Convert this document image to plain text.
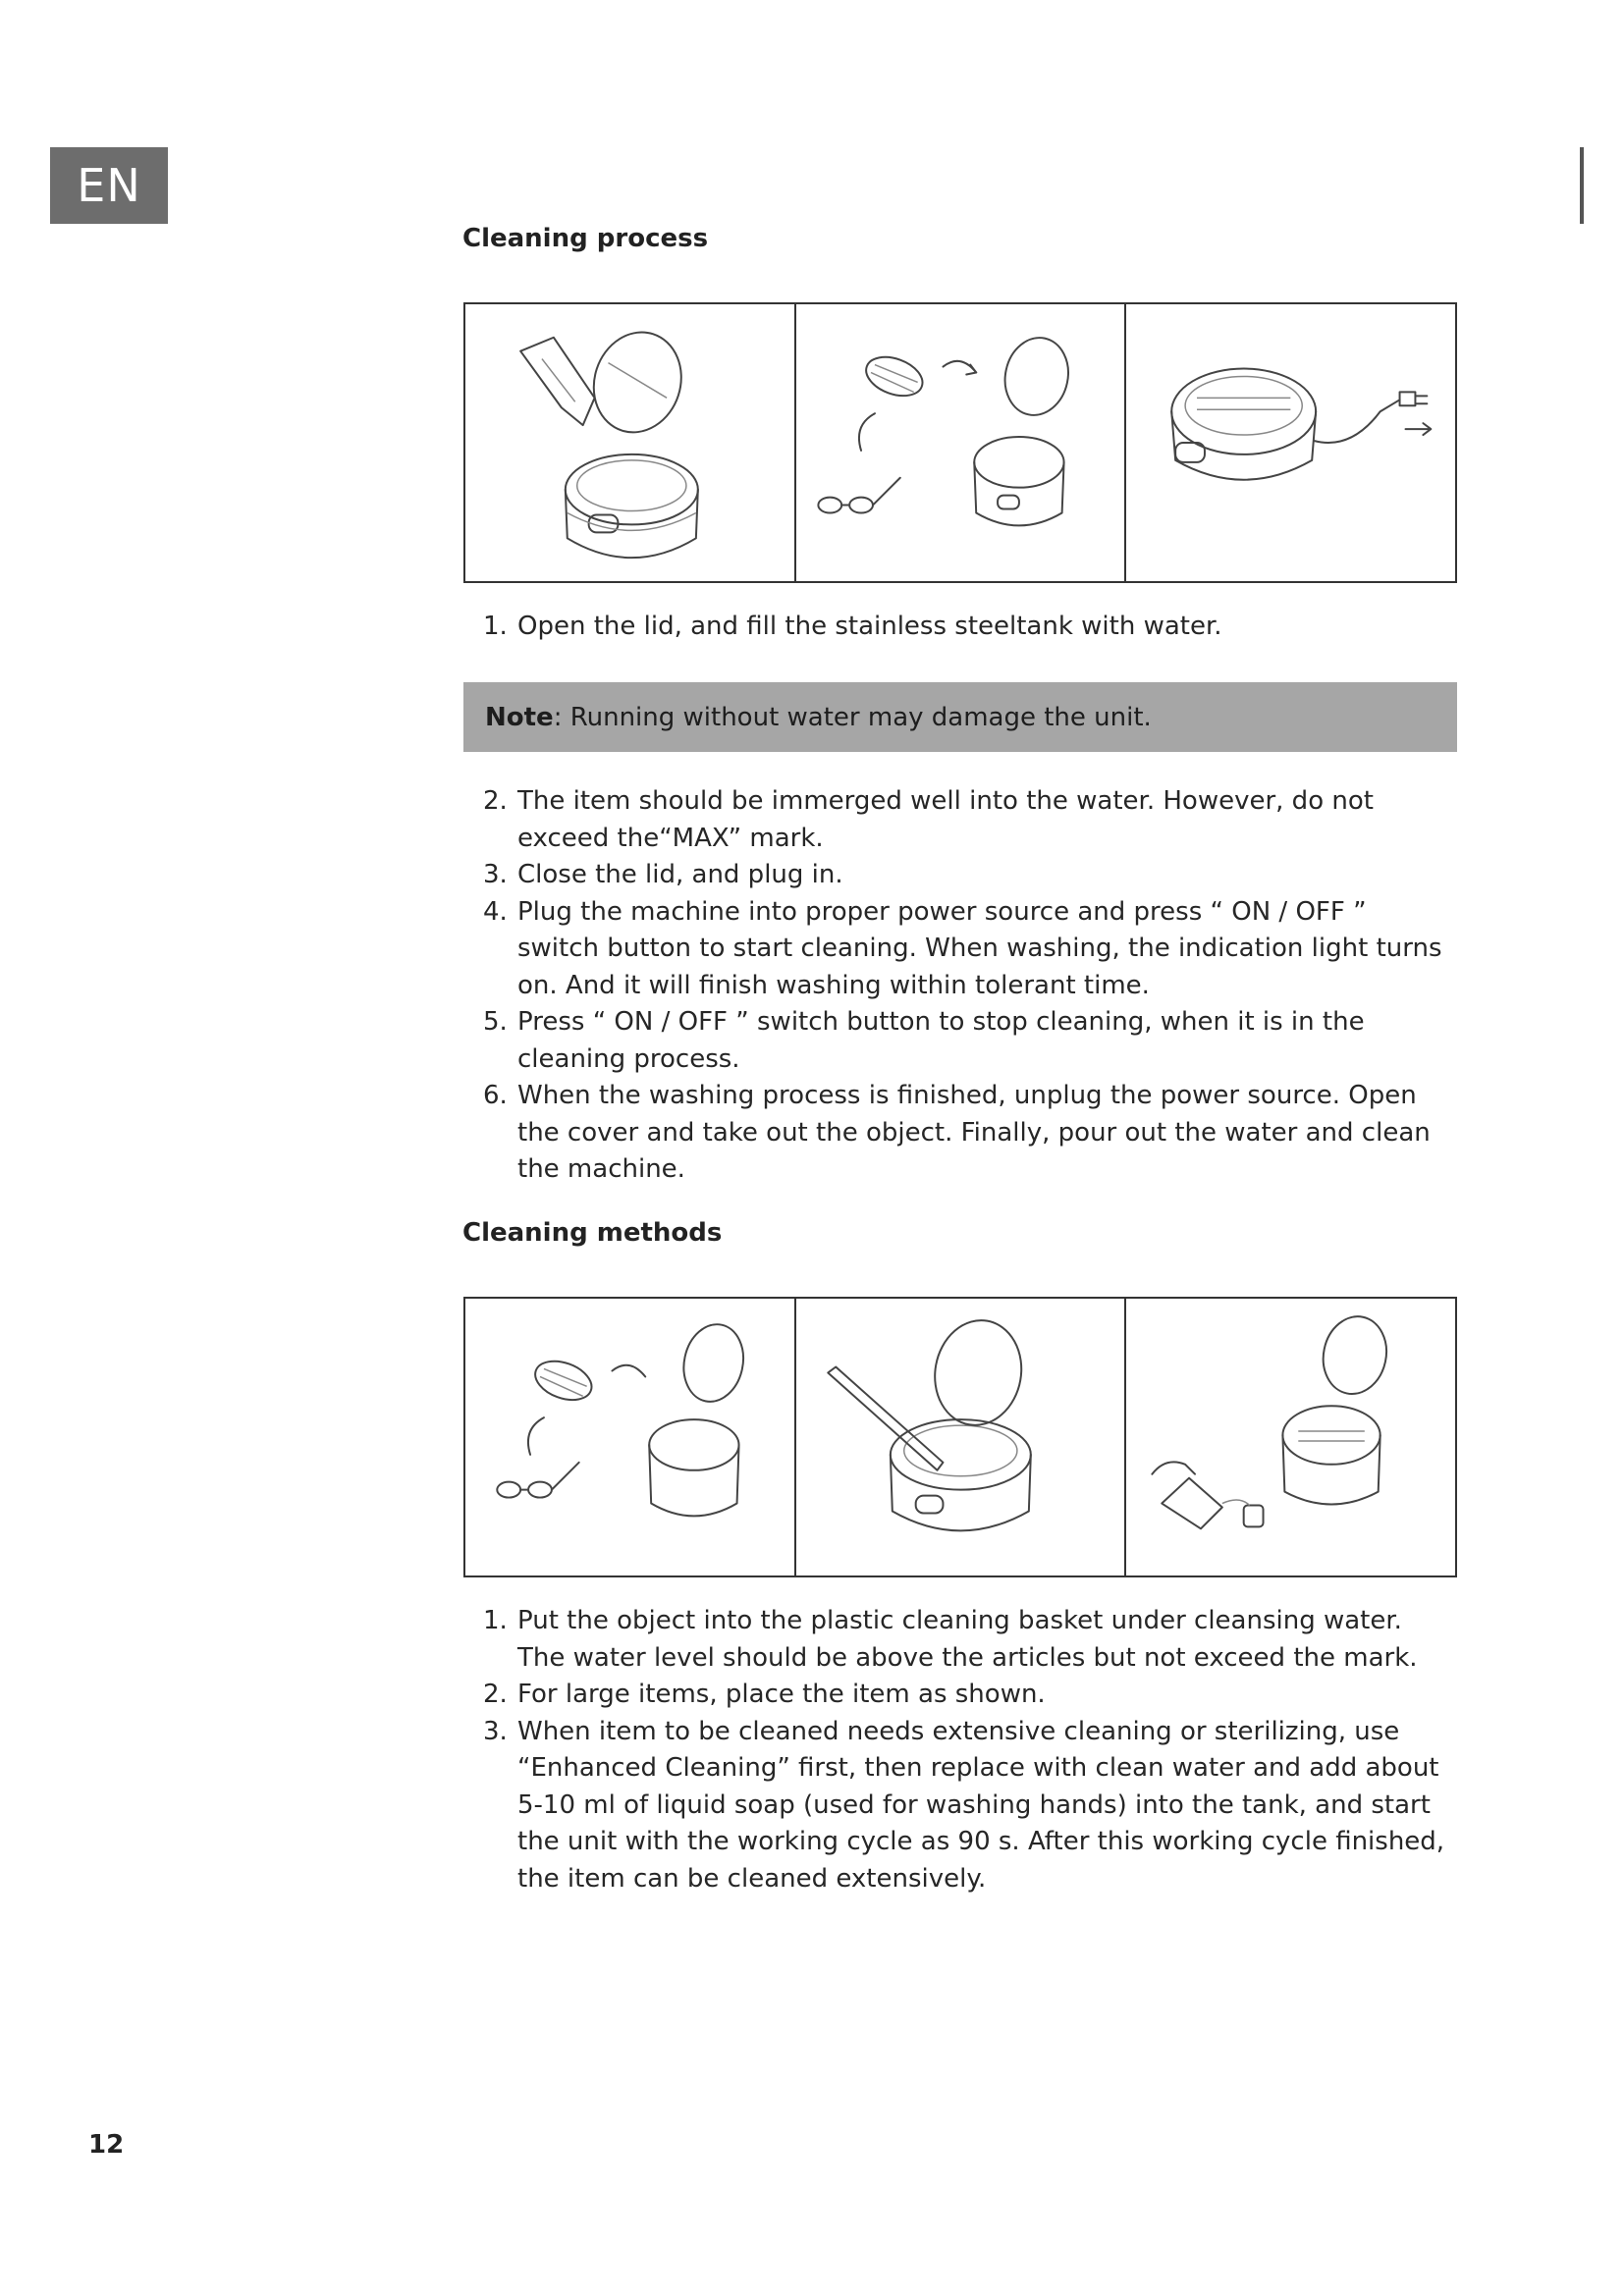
EN
Cleaning process
1. Open the lid, and fill the stainless steeltank with water.
Note: Running without water may damage the unit.
2. The item should be immerged well into the water. However, do not exceed the“MAX” mark.
3. Close the lid, and plug in.
4. Plug the machine into proper power source and press “ ON / OFF ” switch button to start cleaning. When washing, the indication light turns on. And it will finish washing within tolerant time.
5. Press “ ON / OFF ” switch button to stop cleaning, when it is in the cleaning process.
6. When the washing process is finished, unplug the power source. Open the cover and take out the object. Finally, pour out the water and clean the machine.
Cleaning methods
1. Put the object into the plastic cleaning basket under cleansing water. The water level should be above the articles but not exceed the mark.
2. For large items, place the item as shown.
3. When item to be cleaned needs extensive cleaning or sterilizing, use “Enhanced Cleaning” first, then replace with clean water and add about 5-10 ml of liquid soap (used for washing hands) into the tank, and start the unit with the working cycle as 90 s. After this working cycle finished, the item can be cleaned extensively.
12
